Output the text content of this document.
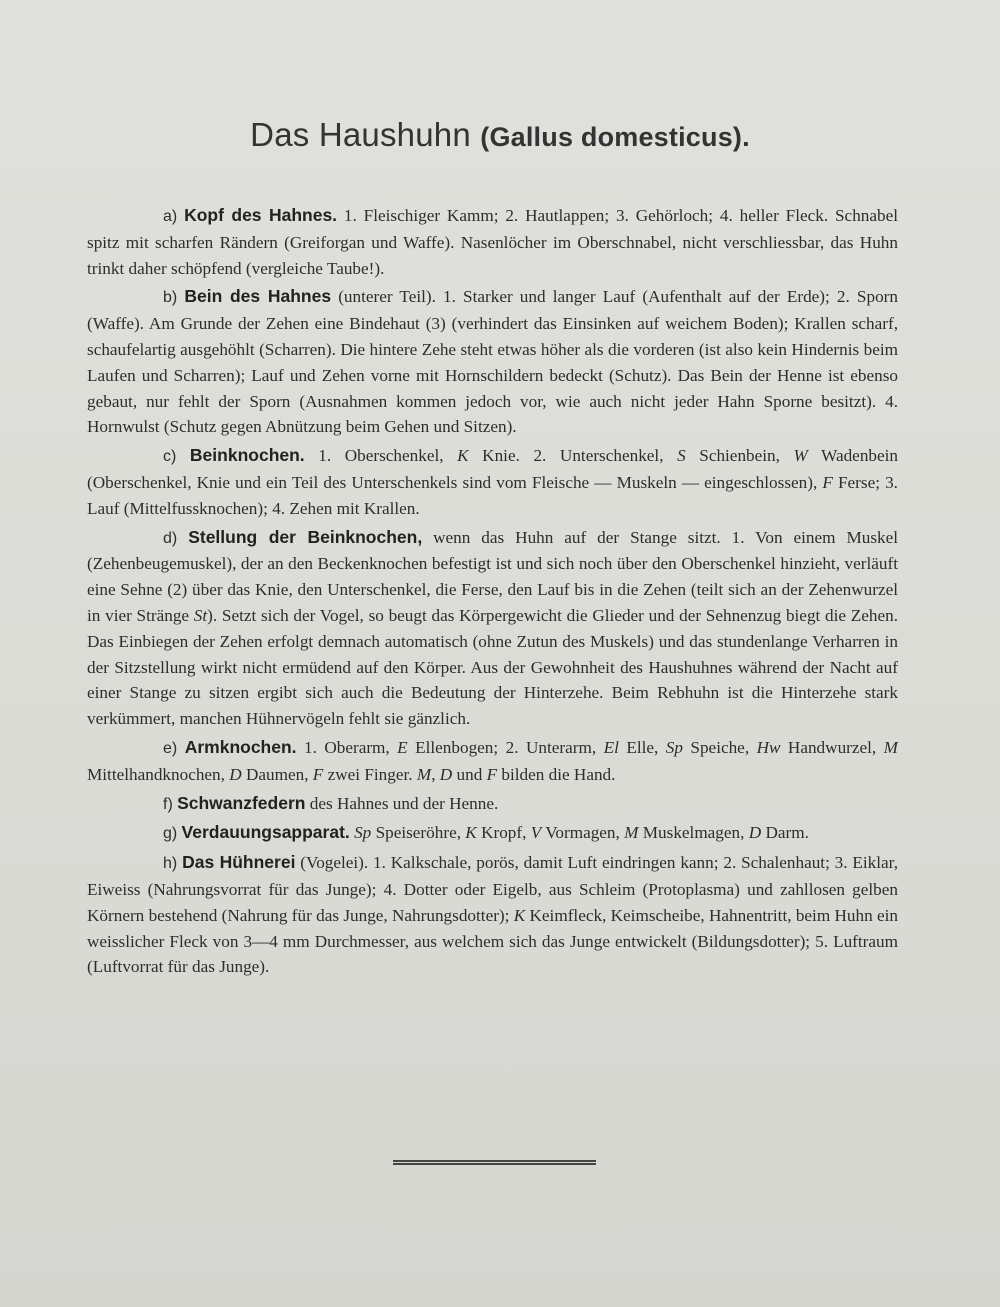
Das Haushuhn (Gallus domesticus).

a) Kopf des Hahnes. 1. Fleischiger Kamm; 2. Hautlappen; 3. Gehörloch; 4. heller Fleck. Schnabel spitz mit scharfen Rändern (Greiforgan und Waffe). Nasenlöcher im Oberschnabel, nicht verschliessbar, das Huhn trinkt daher schöpfend (vergleiche Taube!).

b) Bein des Hahnes (unterer Teil). 1. Starker und langer Lauf (Aufenthalt auf der Erde); 2. Sporn (Waffe). Am Grunde der Zehen eine Bindehaut (3) (verhindert das Einsinken auf weichem Boden); Krallen scharf, schaufelartig ausgehöhlt (Scharren). Die hintere Zehe steht etwas höher als die vorderen (ist also kein Hindernis beim Laufen und Scharren); Lauf und Zehen vorne mit Hornschildern bedeckt (Schutz). Das Bein der Henne ist ebenso gebaut, nur fehlt der Sporn (Ausnahmen kommen jedoch vor, wie auch nicht jeder Hahn Sporne besitzt). 4. Hornwulst (Schutz gegen Abnützung beim Gehen und Sitzen).

c) Beinknochen. 1. Oberschenkel, K Knie. 2. Unterschenkel, S Schienbein, W Wadenbein (Oberschenkel, Knie und ein Teil des Unterschenkels sind vom Fleische — Muskeln — eingeschlossen), F Ferse; 3. Lauf (Mittelfussknochen); 4. Zehen mit Krallen.

d) Stellung der Beinknochen, wenn das Huhn auf der Stange sitzt. 1. Von einem Muskel (Zehenbeugemuskel), der an den Beckenknochen befestigt ist und sich noch über den Oberschenkel hinzieht, verläuft eine Sehne (2) über das Knie, den Unterschenkel, die Ferse, den Lauf bis in die Zehen (teilt sich an der Zehenwurzel in vier Stränge St). Setzt sich der Vogel, so beugt das Körpergewicht die Glieder und der Sehnenzug biegt die Zehen. Das Einbiegen der Zehen erfolgt demnach automatisch (ohne Zutun des Muskels) und das stundenlange Verharren in der Sitzstellung wirkt nicht ermüdend auf den Körper. Aus der Gewohnheit des Haushuhnes während der Nacht auf einer Stange zu sitzen ergibt sich auch die Bedeutung der Hinterzehe. Beim Rebhuhn ist die Hinterzehe stark verkümmert, manchen Hühnervögeln fehlt sie gänzlich.

e) Armknochen. 1. Oberarm, E Ellenbogen; 2. Unterarm, El Elle, Sp Speiche, Hw Handwurzel, M Mittelhandknochen, D Daumen, F zwei Finger. M, D und F bilden die Hand.

f) Schwanzfedern des Hahnes und der Henne.

g) Verdauungsapparat. Sp Speiseröhre, K Kropf, V Vormagen, M Muskelmagen, D Darm.

h) Das Hühnerei (Vogelei). 1. Kalkschale, porös, damit Luft eindringen kann; 2. Schalenhaut; 3. Eiklar, Eiweiss (Nahrungsvorrat für das Junge); 4. Dotter oder Eigelb, aus Schleim (Protoplasma) und zahllosen gelben Körnern bestehend (Nahrung für das Junge, Nahrungsdotter); K Keimfleck, Keimscheibe, Hahnentritt, beim Huhn ein weisslicher Fleck von 3—4 mm Durchmesser, aus welchem sich das Junge entwickelt (Bildungsdotter); 5. Luftraum (Luftvorrat für das Junge).
